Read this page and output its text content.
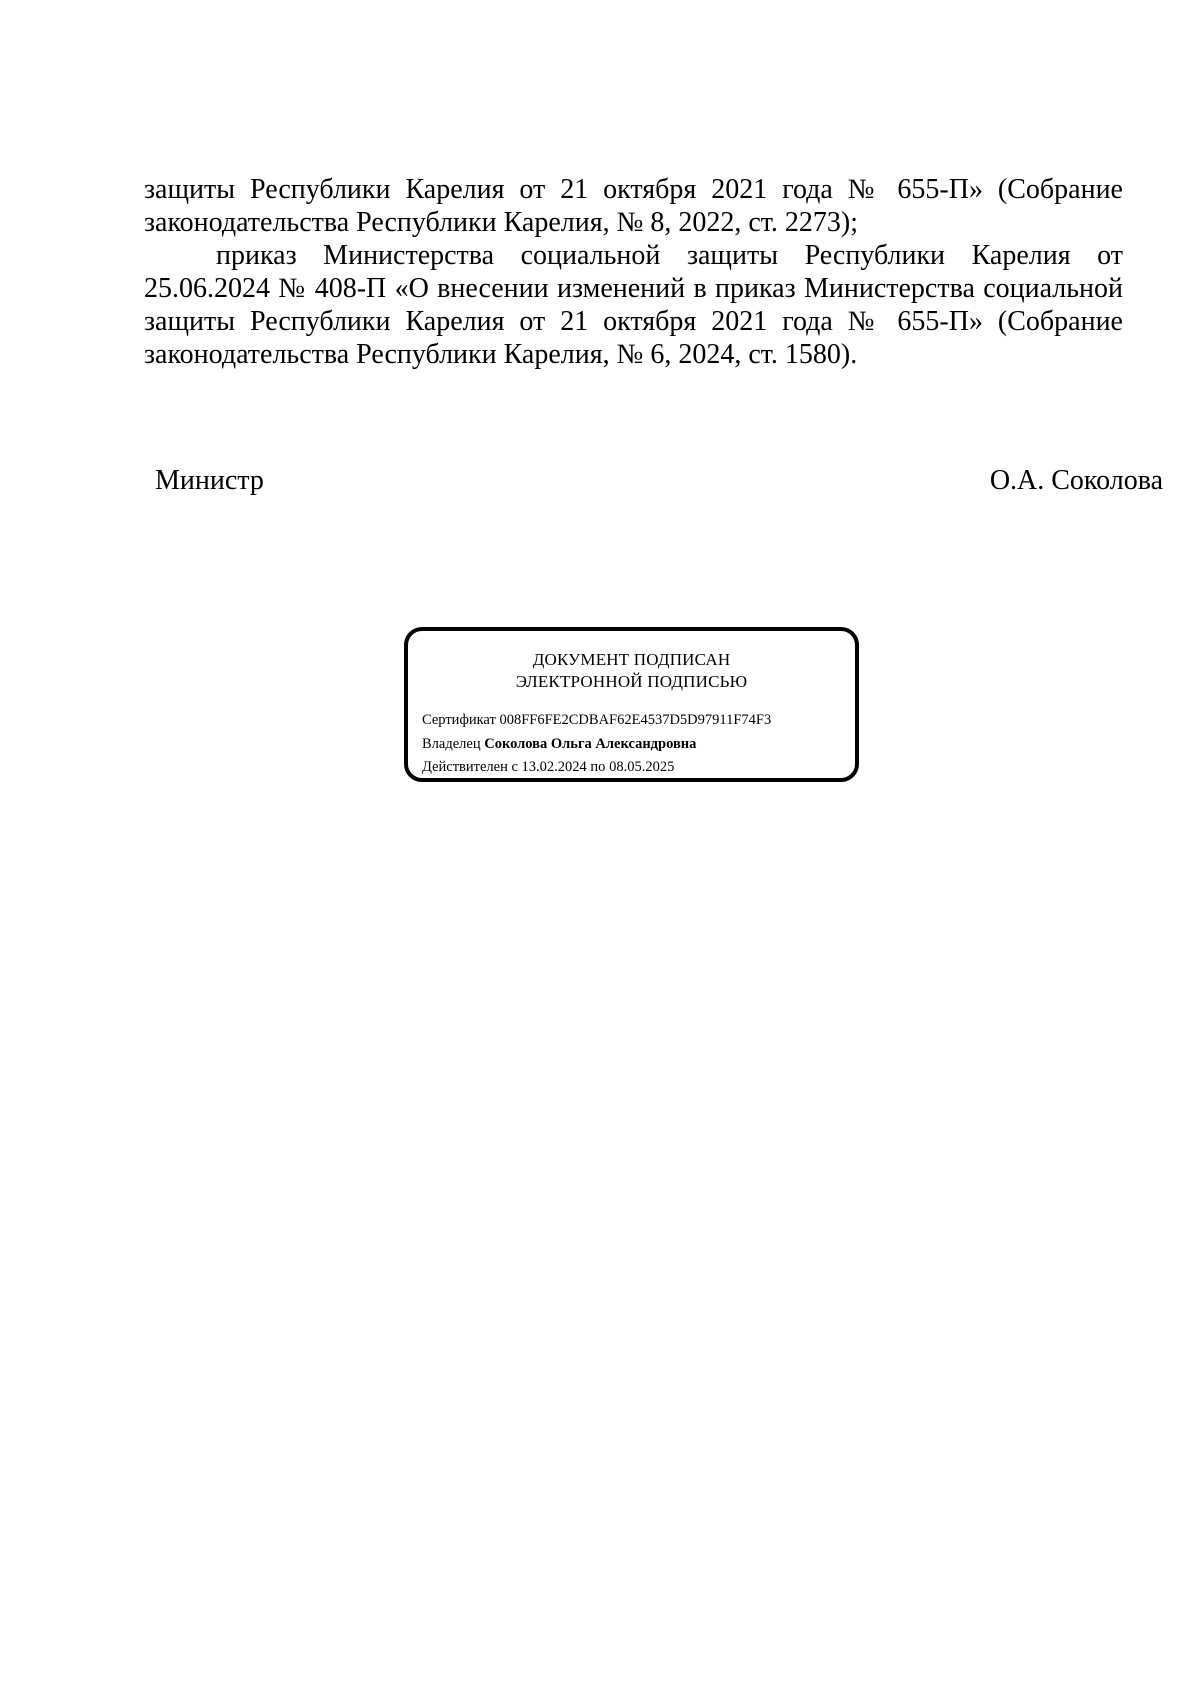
защиты Республики Карелия от 21 октября 2021 года № 655-П» (Собрание законодательства Республики Карелия, № 8, 2022, ст. 2273);

приказ Министерства социальной защиты Республики Карелия от 25.06.2024 № 408-П «О внесении изменений в приказ Министерства социальной защиты Республики Карелия от 21 октября 2021 года № 655-П» (Собрание законодательства Республики Карелия, № 6, 2024, ст. 1580).

Министр	О.А. Соколова
ДОКУМЕНТ ПОДПИСАН
ЭЛЕКТРОННОЙ ПОДПИСЬЮ
Сертификат 008FF6FE2CDBAF62E4537D5D97911F74F3
Владелец Соколова Ольга Александровна
Действителен с 13.02.2024 по 08.05.2025
